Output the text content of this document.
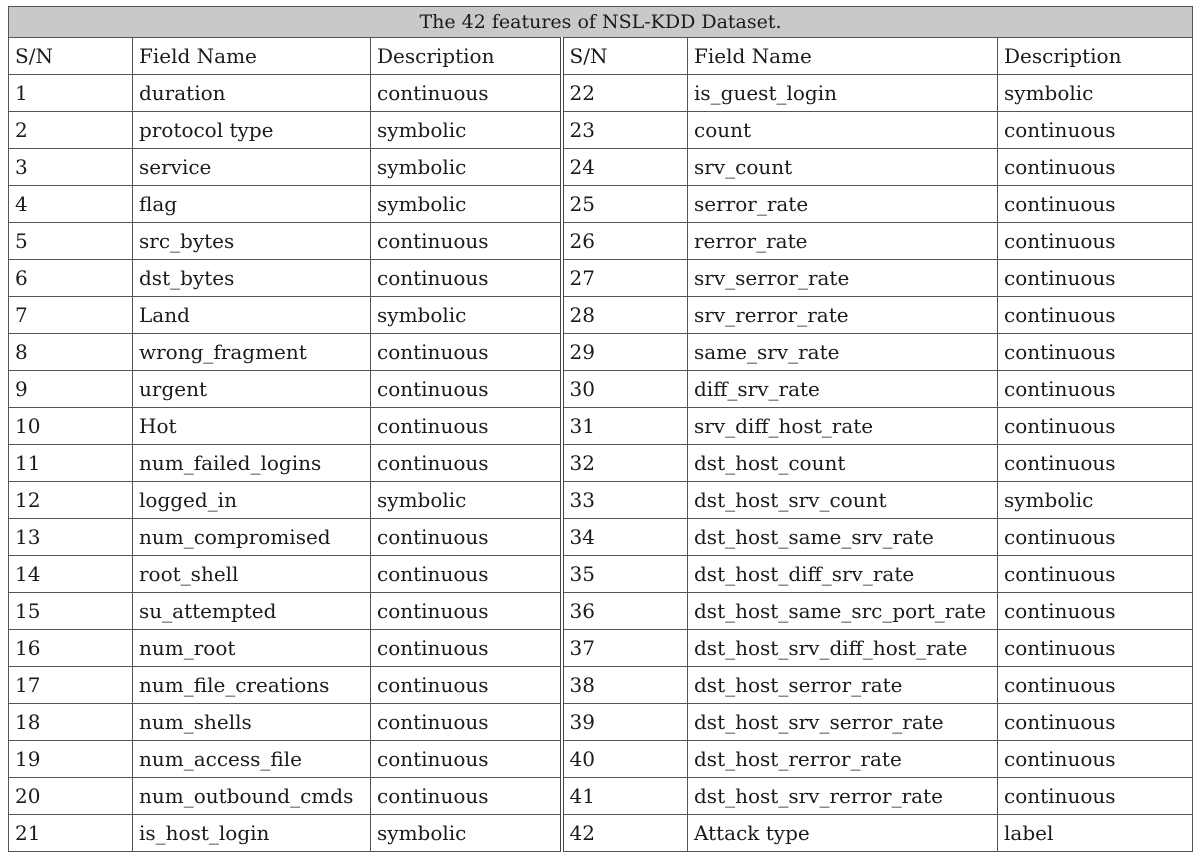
The 42 features of NSL-KDD Dataset.					
S/N	Field Name	Description	S/N	Field Name	Description
1	duration	continuous	22	is_guest_login	symbolic
2	protocol type	symbolic	23	count	continuous
3	service	symbolic	24	srv_count	continuous
4	flag	symbolic	25	serror_rate	continuous
5	src_bytes	continuous	26	rerror_rate	continuous
6	dst_bytes	continuous	27	srv_serror_rate	continuous
7	Land	symbolic	28	srv_rerror_rate	continuous
8	wrong_fragment	continuous	29	same_srv_rate	continuous
9	urgent	continuous	30	diff_srv_rate	continuous
10	Hot	continuous	31	srv_diff_host_rate	continuous
11	num_failed_logins	continuous	32	dst_host_count	continuous
12	logged_in	symbolic	33	dst_host_srv_count	symbolic
13	num_compromised	continuous	34	dst_host_same_srv_rate	continuous
14	root_shell	continuous	35	dst_host_diff_srv_rate	continuous
15	su_attempted	continuous	36	dst_host_same_src_port_rate	continuous
16	num_root	continuous	37	dst_host_srv_diff_host_rate	continuous
17	num_file_creations	continuous	38	dst_host_serror_rate	continuous
18	num_shells	continuous	39	dst_host_srv_serror_rate	continuous
19	num_access_file	continuous	40	dst_host_rerror_rate	continuous
20	num_outbound_cmds	continuous	41	dst_host_srv_rerror_rate	continuous
21	is_host_login	symbolic	42	Attack type	label
